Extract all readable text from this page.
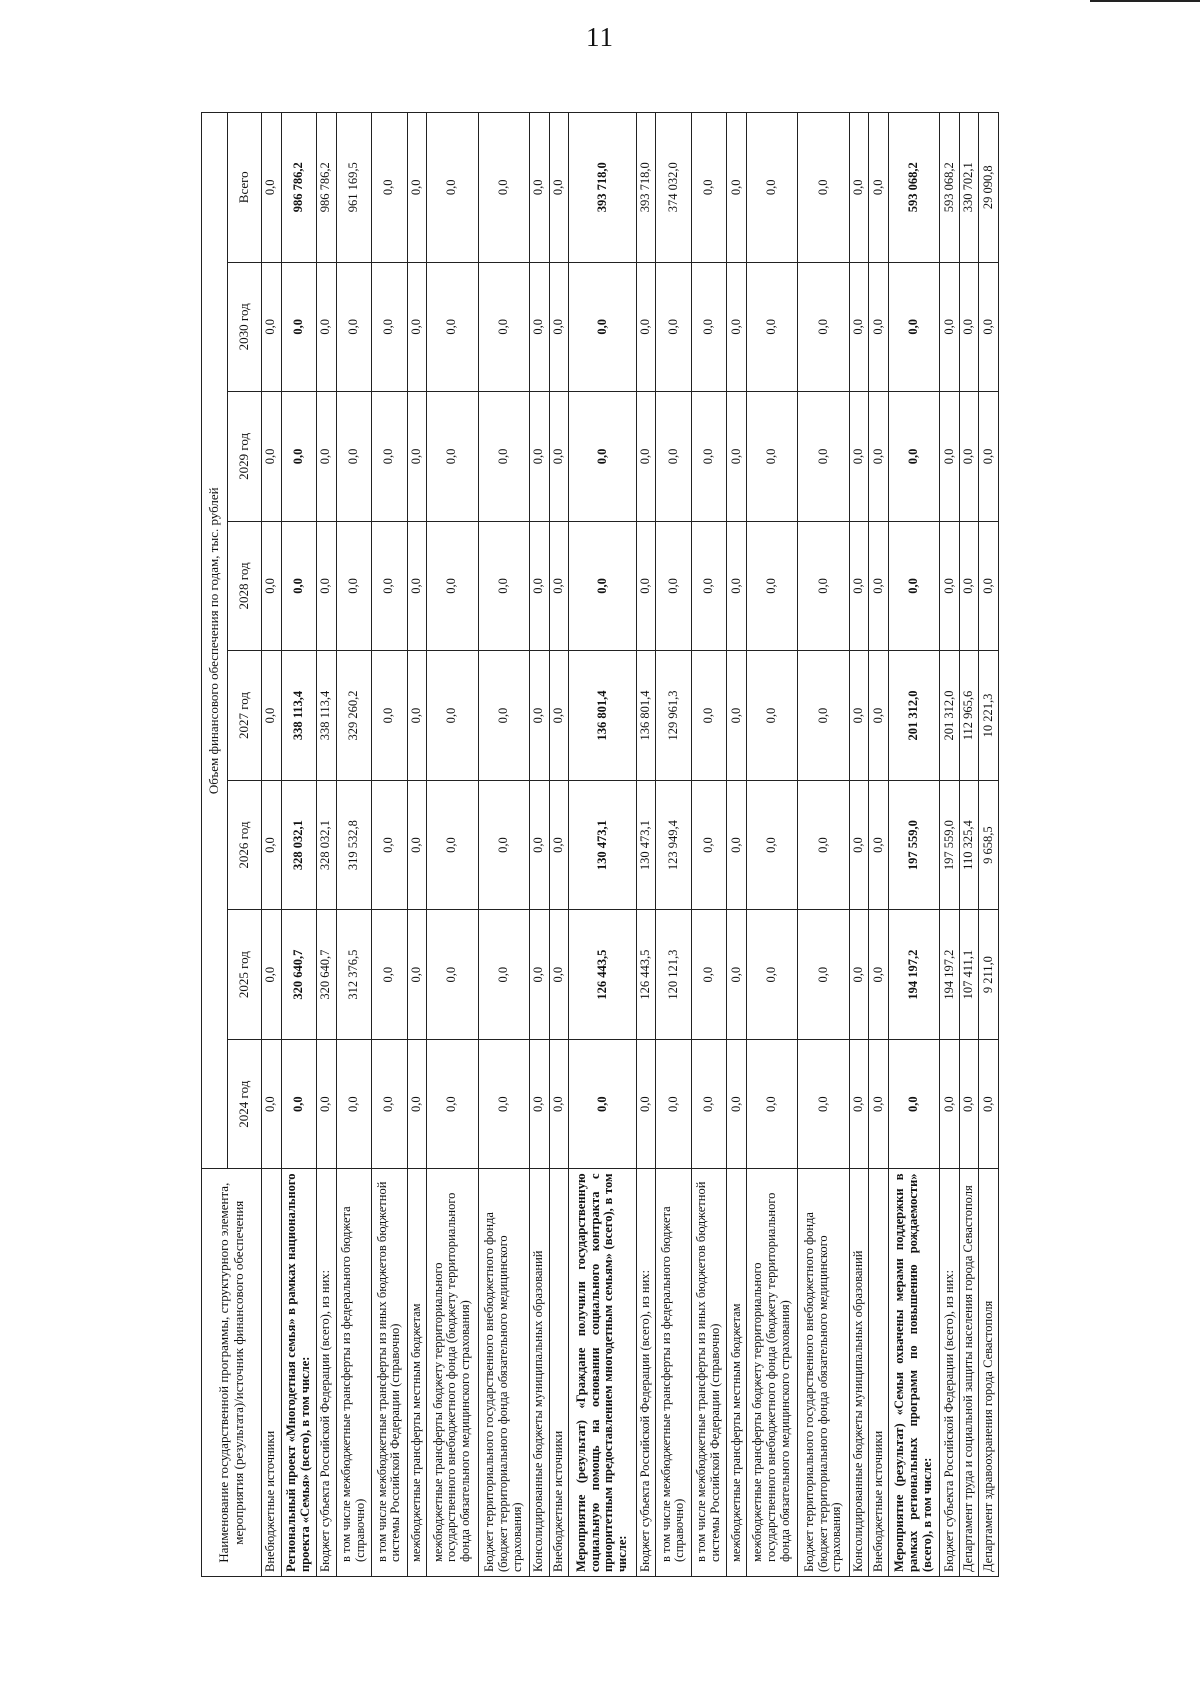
11
Наименование государственной программы, структурного элемента, мероприятия (результата)/источник финансового обеспечения	Объем финансового обеспечения по годам, тыс. рублей							
	2024 год	2025 год	2026 год	2027 год	2028 год	2029 год	2030 год	Всего
Внебюджетные источники	0,0	0,0	0,0	0,0	0,0	0,0	0,0	0,0
Региональный проект «Многодетная семья» в рамках национального проекта «Семья» (всего), в том числе:	0,0	320 640,7	328 032,1	338 113,4	0,0	0,0	0,0	986 786,2
Бюджет субъекта Российской Федерации (всего), из них:	0,0	320 640,7	328 032,1	338 113,4	0,0	0,0	0,0	986 786,2
в том числе межбюджетные трансферты из федерального бюджета (справочно)	0,0	312 376,5	319 532,8	329 260,2	0,0	0,0	0,0	961 169,5
в том числе межбюджетные трансферты из иных бюджетов бюджетной системы Российской Федерации (справочно)	0,0	0,0	0,0	0,0	0,0	0,0	0,0	0,0
межбюджетные трансферты местным бюджетам	0,0	0,0	0,0	0,0	0,0	0,0	0,0	0,0
межбюджетные трансферты бюджету территориального государственного внебюджетного фонда (бюджету территориального фонда обязательного медицинского страхования)	0,0	0,0	0,0	0,0	0,0	0,0	0,0	0,0
Бюджет территориального государственного внебюджетного фонда (бюджет территориального фонда обязательного медицинского страхования)	0,0	0,0	0,0	0,0	0,0	0,0	0,0	0,0
Консолидированные бюджеты муниципальных образований	0,0	0,0	0,0	0,0	0,0	0,0	0,0	0,0
Внебюджетные источники	0,0	0,0	0,0	0,0	0,0	0,0	0,0	0,0
Мероприятие (результат) «Граждане получили государственную социальную помощь на основании социального контракта с приоритетным предоставлением многодетным семьям» (всего), в том числе:	0,0	126 443,5	130 473,1	136 801,4	0,0	0,0	0,0	393 718,0
Бюджет субъекта Российской Федерации (всего), из них:	0,0	126 443,5	130 473,1	136 801,4	0,0	0,0	0,0	393 718,0
в том числе межбюджетные трансферты из федерального бюджета (справочно)	0,0	120 121,3	123 949,4	129 961,3	0,0	0,0	0,0	374 032,0
в том числе межбюджетные трансферты из иных бюджетов бюджетной системы Российской Федерации (справочно)	0,0	0,0	0,0	0,0	0,0	0,0	0,0	0,0
межбюджетные трансферты местным бюджетам	0,0	0,0	0,0	0,0	0,0	0,0	0,0	0,0
межбюджетные трансферты бюджету территориального государственного внебюджетного фонда (бюджету территориального фонда обязательного медицинского страхования)	0,0	0,0	0,0	0,0	0,0	0,0	0,0	0,0
Бюджет территориального государственного внебюджетного фонда (бюджет территориального фонда обязательного медицинского страхования)	0,0	0,0	0,0	0,0	0,0	0,0	0,0	0,0
Консолидированные бюджеты муниципальных образований	0,0	0,0	0,0	0,0	0,0	0,0	0,0	0,0
Внебюджетные источники	0,0	0,0	0,0	0,0	0,0	0,0	0,0	0,0
Мероприятие (результат) «Семьи охвачены мерами поддержки в рамках региональных программ по повышению рождаемости» (всего), в том числе:	0,0	194 197,2	197 559,0	201 312,0	0,0	0,0	0,0	593 068,2
Бюджет субъекта Российской Федерации (всего), из них:	0,0	194 197,2	197 559,0	201 312,0	0,0	0,0	0,0	593 068,2
Департамент труда и социальной защиты населения города Севастополя	0,0	107 411,1	110 325,4	112 965,6	0,0	0,0	0,0	330 702,1
Департамент здравоохранения города Севастополя	0,0	9 211,0	9 658,5	10 221,3	0,0	0,0	0,0	29 090,8
